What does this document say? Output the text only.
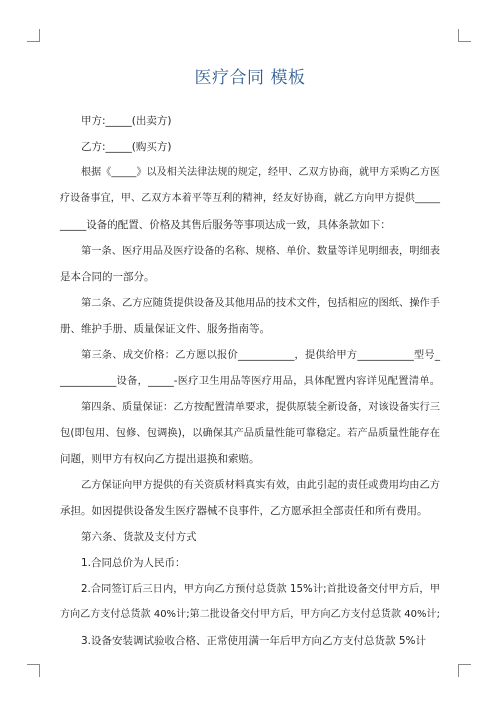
医疗合同 模板
甲方:_____(出卖方)
乙方:_____(购买方)
根据《_____》以及相关法律法规的规定，经甲、乙双方协商，就甲方采购乙方医
疗设备事宜，甲、乙双方本着平等互利的精神，经友好协商，就乙方向甲方提供_____
_____设备的配置、价格及其售后服务等事项达成一致，具体条款如下：
第一条、医疗用品及医疗设备的名称、规格、单价、数量等详见明细表，明细表
是本合同的一部分。
第二条、乙方应随货提供设备及其他用品的技术文件，包括相应的图纸、操作手
册、维护手册、质量保证文件、服务指南等。
第三条、成交价格：乙方愿以报价___________，提供给甲方___________型号_
___________设备，_____-医疗卫生用品等医疗用品，具体配置内容详见配置清单。
第四条、质量保证：乙方按配置清单要求，提供原装全新设备，对该设备实行三
包(即包用、包修、包调换)，以确保其产品质量性能可靠稳定。若产品质量性能存在
问题，则甲方有权向乙方提出退换和索赔。
乙方保证向甲方提供的有关资质材料真实有效，由此引起的责任或费用均由乙方
承担。如因提供设备发生医疗器械不良事件，乙方愿承担全部责任和所有费用。
第六条、货款及支付方式
1.合同总价为人民币：
2.合同签订后三日内，甲方向乙方预付总货款 15%计;首批设备交付甲方后，甲
方向乙方支付总货款 40%计;第二批设备交付甲方后，甲方向乙方支付总货款 40%计;
3.设备安装调试验收合格、正常使用满一年后甲方向乙方支付总货款 5%计
